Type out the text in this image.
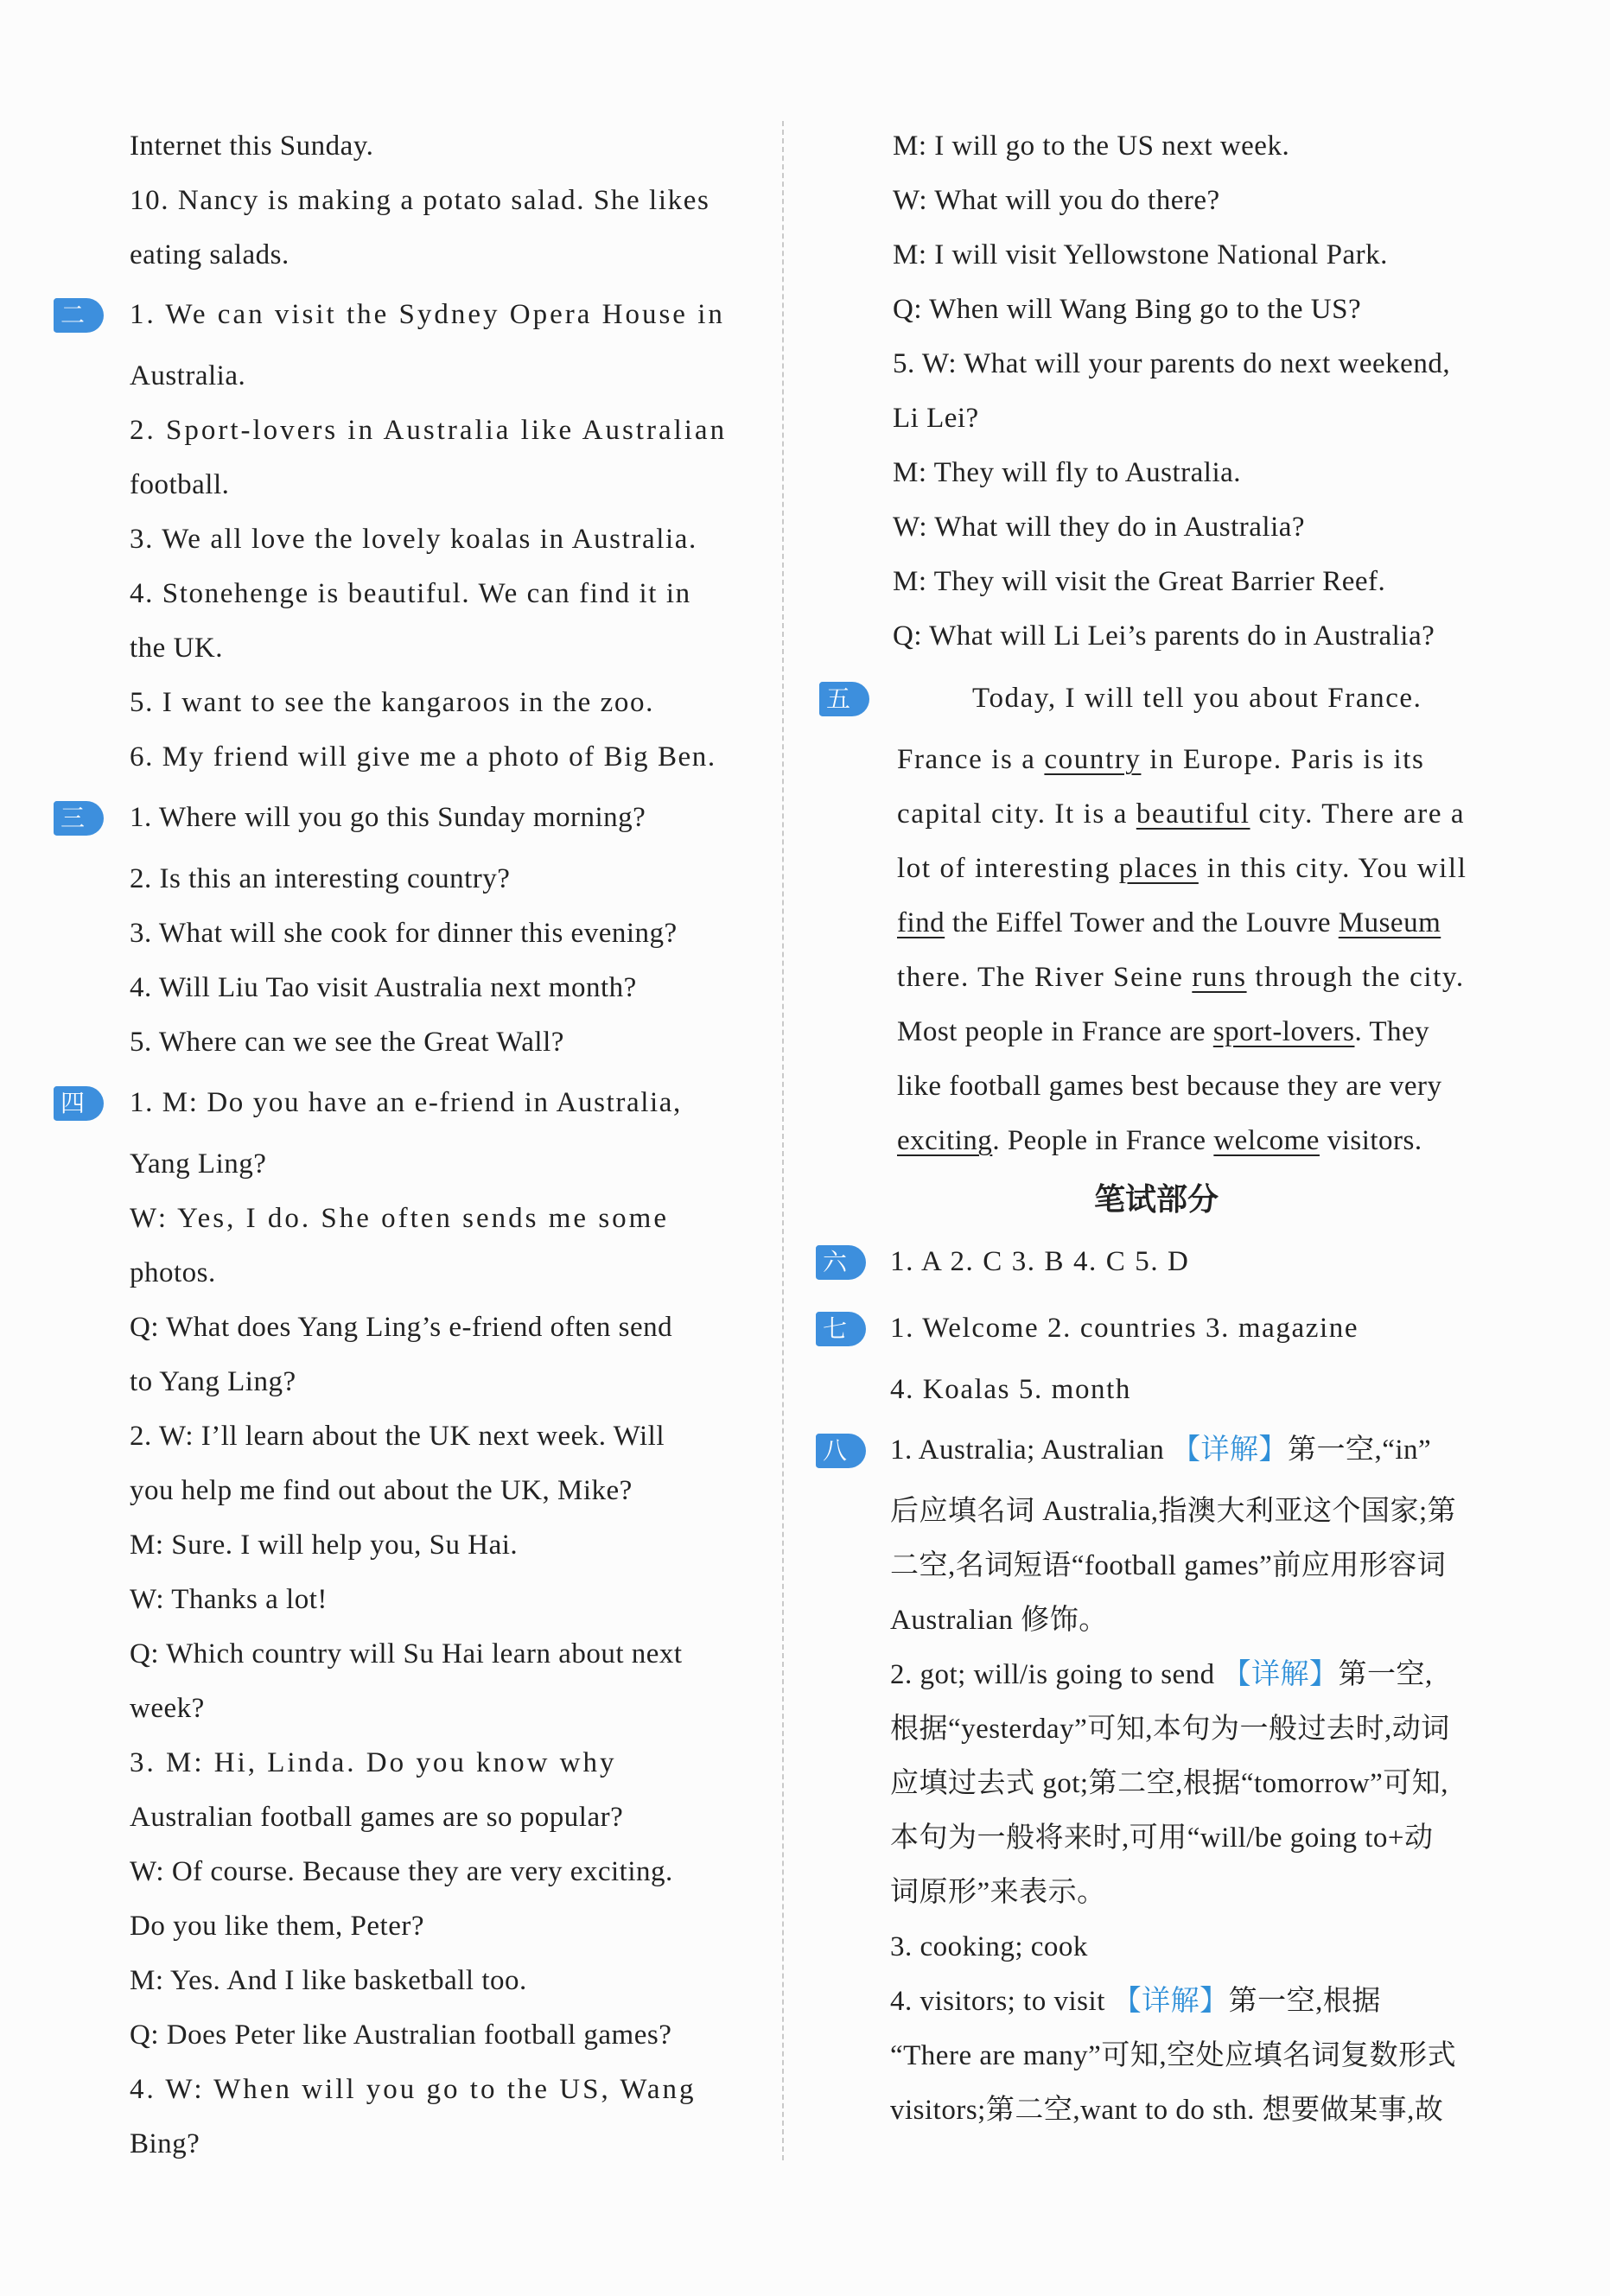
Internet this Sunday.
10. Nancy is making a potato salad. She likes
eating salads.
二	1. We can visit the Sydney Opera House in
Australia.
2. Sport-lovers in Australia like Australian
football.
3. We all love the lovely koalas in Australia.
4. Stonehenge is beautiful. We can find it in
the UK.
5. I want to see the kangaroos in the zoo.
6. My friend will give me a photo of Big Ben.
三	1. Where will you go this Sunday morning?
2. Is this an interesting country?
3. What will she cook for dinner this evening?
4. Will Liu Tao visit Australia next month?
5. Where can we see the Great Wall?
四	1. M: Do you have an e-friend in Australia,
Yang Ling?
W: Yes, I do. She often sends me some
photos.
Q: What does Yang Ling’s e-friend often send
to Yang Ling?
2. W: I’ll learn about the UK next week. Will
you help me find out about the UK, Mike?
M: Sure. I will help you, Su Hai.
W: Thanks a lot!
Q: Which country will Su Hai learn about next
week?
3. M: Hi, Linda. Do you know why
Australian football games are so popular?
W: Of course. Because they are very exciting.
Do you like them, Peter?
M: Yes. And I like basketball too.
Q: Does Peter like Australian football games?
4. W: When will you go to the US, Wang
Bing?
M: I will go to the US next week.
W: What will you do there?
M: I will visit Yellowstone National Park.
Q: When will Wang Bing go to the US?
5. W: What will your parents do next weekend,
Li Lei?
M: They will fly to Australia.
W: What will they do in Australia?
M: They will visit the Great Barrier Reef.
Q: What will Li Lei’s parents do in Australia?
五	Today, I will tell you about France.
France is a country in Europe. Paris is its
capital city. It is a beautiful city. There are a
lot of interesting places in this city. You will
find the Eiffel Tower and the Louvre Museum
there. The River Seine runs through the city.
Most people in France are sport-lovers. They
like football games best because they are very
exciting. People in France welcome visitors.
笔试部分
六	1. A 2. C 3. B 4. C 5. D
七	1. Welcome 2. countries 3. magazine
4. Koalas 5. month
八	1. Australia; Australian 【详解】第一空,“in”
后应填名词 Australia,指澳大利亚这个国家;第
二空,名词短语“football games”前应用形容词
Australian 修饰。
2. got; will/is going to send 【详解】第一空,
根据“yesterday”可知,本句为一般过去时,动词
应填过去式 got;第二空,根据“tomorrow”可知,
本句为一般将来时,可用“will/be going to+动
词原形”来表示。
3. cooking; cook
4. visitors; to visit 【详解】第一空,根据
“There are many”可知,空处应填名词复数形式
visitors;第二空,want to do sth. 想要做某事,故
